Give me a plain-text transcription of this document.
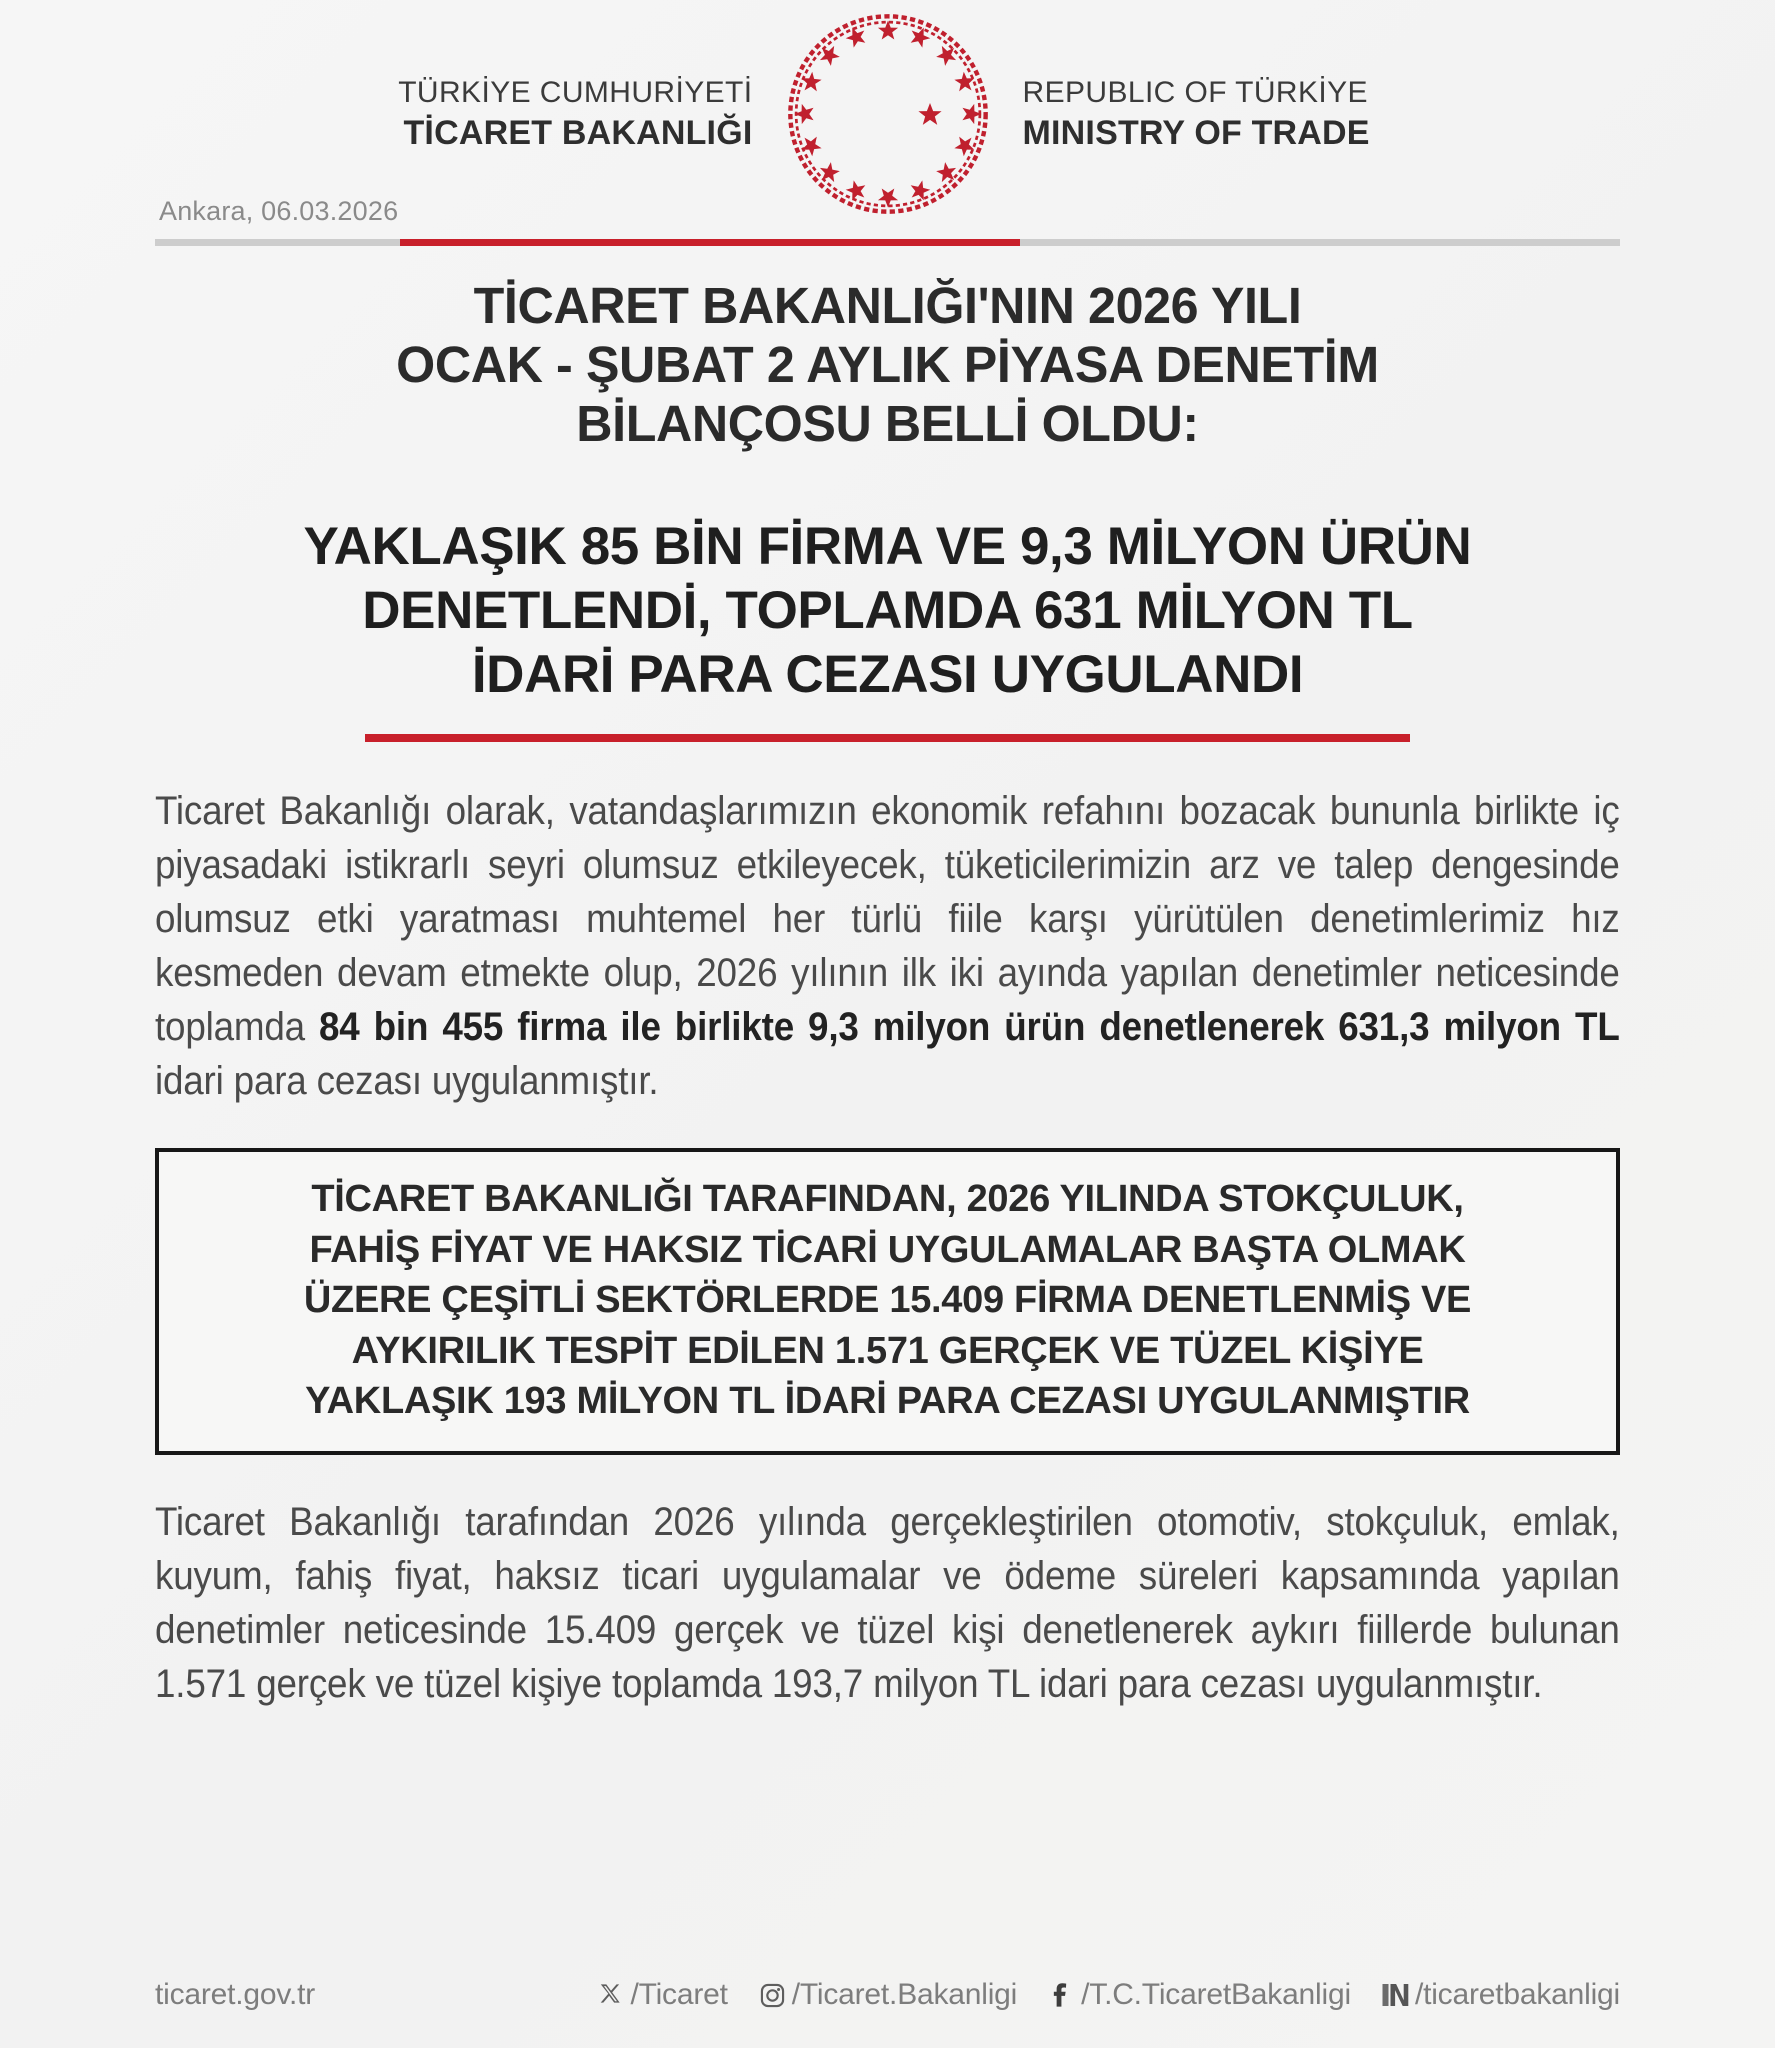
TÜRKİYE CUMHURİYETİ
TİCARET BAKANLIĞI
REPUBLIC OF TÜRKİYE
MINISTRY OF TRADE
Ankara, 06.03.2026
TİCARET BAKANLIĞI'NIN 2026 YILI
OCAK - ŞUBAT 2 AYLIK PİYASA DENETİM
BİLANÇOSU BELLİ OLDU:
YAKLAŞIK 85 BİN FİRMA VE 9,3 MİLYON ÜRÜN
DENETLENDİ, TOPLAMDA 631 MİLYON TL
İDARİ PARA CEZASI UYGULANDI

Ticaret Bakanlığı olarak, vatandaşlarımızın ekonomik refahını bozacak bununla birlikte iç piyasadaki istikrarlı seyri olumsuz etkileyecek, tüketicilerimizin arz ve talep dengesinde olumsuz etki yaratması muhtemel her türlü fiile karşı yürütülen denetimlerimiz hız kesmeden devam etmekte olup, 2026 yılının ilk iki ayında yapılan denetimler neticesinde toplamda 84 bin 455 firma ile birlikte 9,3 milyon ürün denetlenerek 631,3 milyon TL idari para cezası uygulanmıştır.

TİCARET BAKANLIĞI TARAFINDAN, 2026 YILINDA STOKÇULUK,
FAHİŞ FİYAT VE HAKSIZ TİCARİ UYGULAMALAR BAŞTA OLMAK
ÜZERE ÇEŞİTLİ SEKTÖRLERDE 15.409 FİRMA DENETLENMİŞ VE
AYKIRILIK TESPİT EDİLEN 1.571 GERÇEK VE TÜZEL KİŞİYE
YAKLAŞIK 193 MİLYON TL İDARİ PARA CEZASI UYGULANMIŞTIR

Ticaret Bakanlığı tarafından 2026 yılında gerçekleştirilen otomotiv, stokçuluk, emlak, kuyum, fahiş fiyat, haksız ticari uygulamalar ve ödeme süreleri kapsamında yapılan denetimler neticesinde 15.409 gerçek ve tüzel kişi denetlenerek aykırı fiillerde bulunan 1.571 gerçek ve tüzel kişiye toplamda 193,7 milyon TL idari para cezası uygulanmıştır.

ticaret.gov.tr	/Ticaret /Ticaret.Bakanligi /T.C.TicaretBakanligi /ticaretbakanligi
